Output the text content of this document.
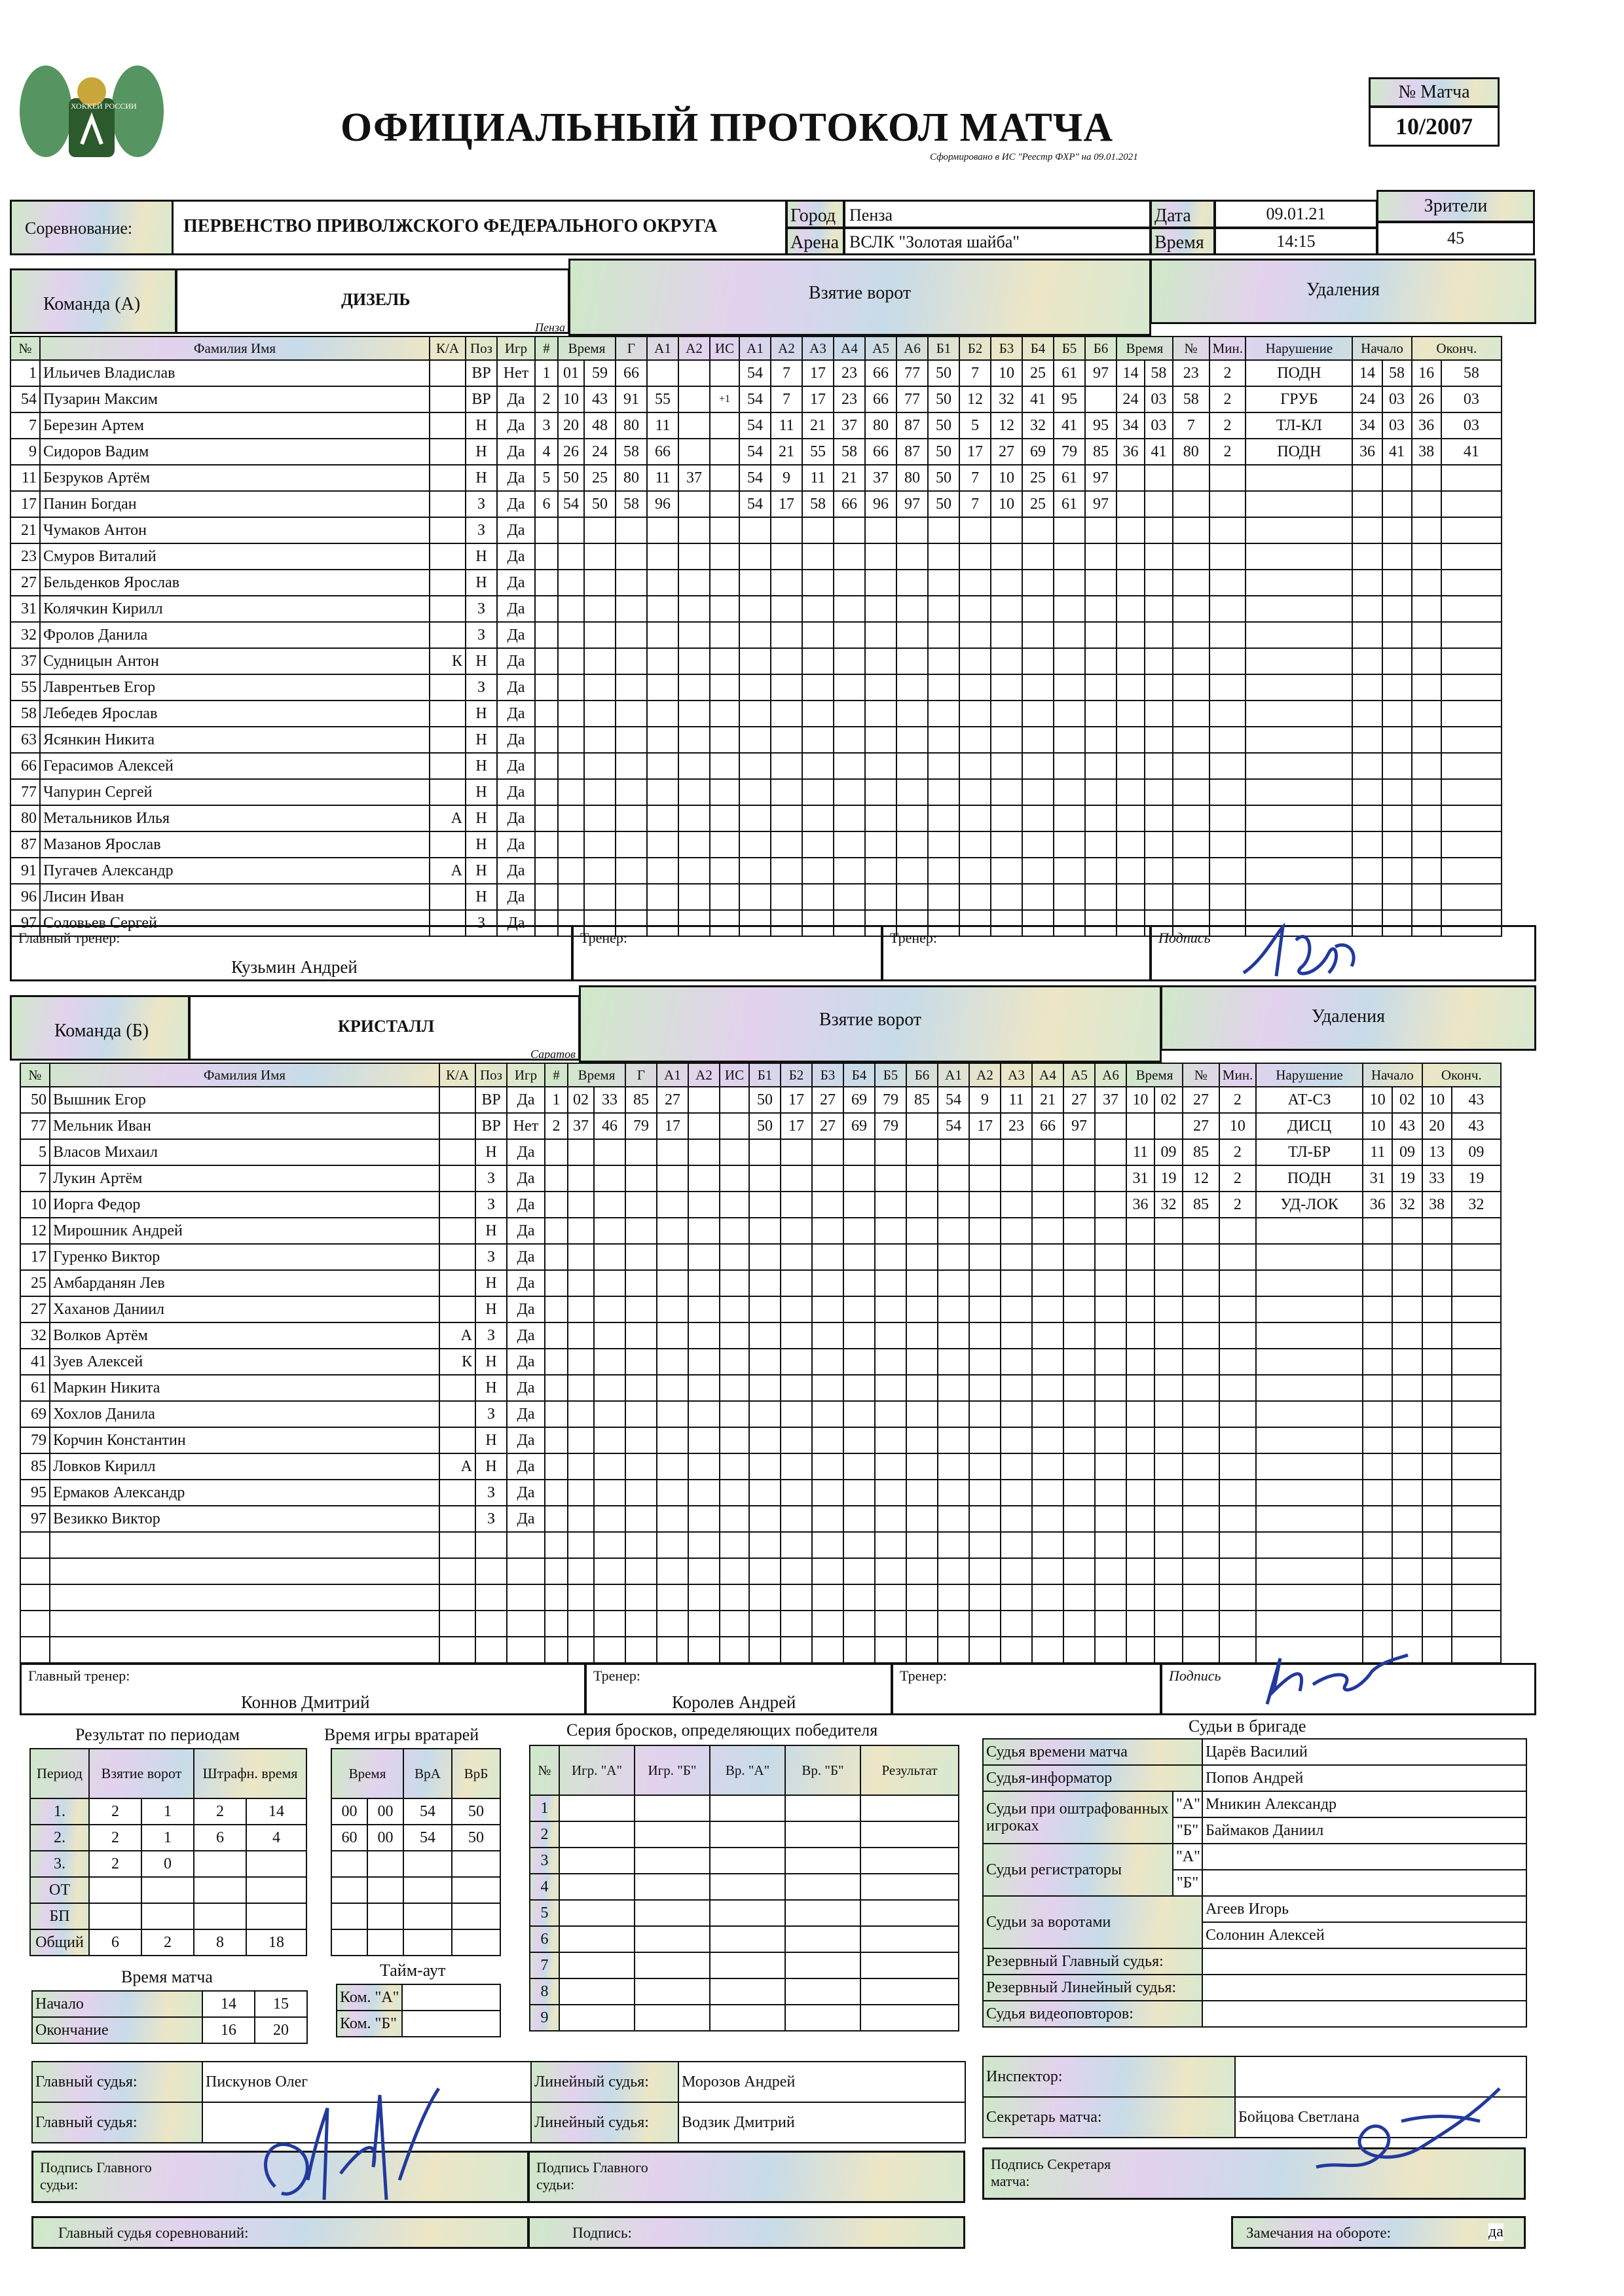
ХОККЕЙ РОССИИ	ОФИЦИАЛЬНЫЙ ПРОТОКОЛ МАТЧА
Сформировано в ИС "Реестр ФХР" на 09.01.2021
№ Матча
10/2007
Соревнование:	ПЕРВЕНСТВО ПРИВОЛЖСКОГО ФЕДЕРАЛЬНОГО ОКРУГА
Город Пенза
Арена ВСЛК "Золотая шайба"
Дата	09.01.21
Время	14:15
Зрители
45
Команда (А)	ДИЗЕЛЬ
Пенза
Взятие ворот	Удаления
№	Фамилия Имя	К/А	Поз	Игр
1	Ильичев Владислав		ВР	Нет
54	Пузарин Максим		ВР	Да
7	Березин Артем		Н	Да
9	Сидоров Вадим		Н	Да
11	Безруков Артём		Н	Да
17	Панин Богдан		З	Да
21	Чумаков Антон		З	Да
23	Смуров Виталий		Н	Да
27	Бельденков Ярослав		Н	Да
31	Колячкин Кирилл		З	Да
32	Фролов Данила		З	Да
37	Судницын Антон	К	Н	Да
55	Лаврентьев Егор		З	Да
58	Лебедев Ярослав		Н	Да
63	Ясянкин Никита		Н	Да
66	Герасимов Алексей		Н	Да
77	Чапурин Сергей		Н	Да
80	Метальников Илья	А	Н	Да
87	Мазанов Ярослав		Н	Да
91	Пугачев Александр	А	Н	Да
96	Лисин Иван		Н	Да
97	Соловьев Сергей		З	Да
#	Время		Г	А1	А2	ИС	А1	А2	А3	А4	А5	А6	Б1	Б2	Б3	Б4	Б5	Б6
1	01	59	66				54	7	17	23	66	77	50	7	10	25	61	97
2	10	43	91	55		+1	54	7	17	23	66	77	50	12	32	41	95	
3	20	48	80	11			54	11	21	37	80	87	50	5	12	32	41	95
4	26	24	58	66			54	21	55	58	66	87	50	17	27	69	79	85
5	50	25	80	11	37		54	9	11	21	37	80	50	7	10	25	61	97
6	54	50	58	96			54	17	58	66	96	97	50	7	10	25	61	97

Время		№	Мин.	Нарушение	Начало		Оконч.	
14	58	23	2	ПОДН	14	58	16	58
24	03	58	2	ГРУБ	24	03	26	03
34	03	7	2	ТЛ-КЛ	34	03	36	03
36	41	80	2	ПОДН	36	41	38	41

Главный тренер:
Кузьмин Андрей
Тренер:	Тренер:	Подпись
Команда (Б)	КРИСТАЛЛ
Саратов
Взятие ворот	Удаления
№	Фамилия Имя	К/А	Поз	Игр
50	Вышник Егор		ВР	Да
77	Мельник Иван		ВР	Нет
5	Власов Михаил		Н	Да
7	Лукин Артём		З	Да
10	Иорга Федор		З	Да
12	Мирошник Андрей		Н	Да
17	Гуренко Виктор		З	Да
25	Амбарданян Лев		Н	Да
27	Хаханов Даниил		Н	Да
32	Волков Артём	А	З	Да
41	Зуев Алексей	К	Н	Да
61	Маркин Никита		Н	Да
69	Хохлов Данила		З	Да
79	Корчин Константин		Н	Да
85	Ловков Кирилл	А	Н	Да
95	Ермаков Александр		З	Да
97	Везикко Виктор		З	Да

#	Время		Г	А1	А2	ИС	Б1	Б2	Б3	Б4	Б5	Б6	А1	А2	А3	А4	А5	А6
1	02	33	85	27			50	17	27	69	79	85	54	9	11	21	27	37
2	37	46	79	17			50	17	27	69	79		54	17	23	66	97	

Время		№	Мин.	Нарушение	Начало		Оконч.	
10	02	27	2	АТ-СЗ	10	02	10	43
		27	10	ДИСЦ	10	43	20	43
11	09	85	2	ТЛ-БР	11	09	13	09
31	19	12	2	ПОДН	31	19	33	19
36	32	85	2	УД-ЛОК	36	32	38	32

Главный тренер:
Коннов Дмитрий
Тренер:
Королев Андрей
Тренер:	Подпись
Результат по периодам
Период	Взятие ворот		Штрафн. время	
1.	2	1	2	14
2.	2	1	6	4
3.	2	0		
ОТ				
БП				
Общий	6	2	8	18
Время игры вратарей
Время		ВрА	ВрБ
00	00	54	50
60	00	54	50

Серия бросков, определяющих победителя
№	Игр. "А"	Игр. "Б"	Вр. "А"	Вр. "Б"	Результат
1					
2					
3					
4					
5					
6					
7					
8					
9					
Время матча
Начало	14	15
Окончание	16	20
Тайм-аут
Ком. "А"	
Ком. "Б"	
Судьи в бригаде
Судья времени матча		Царёв Василий
Судья-информатор		Попов Андрей
Судьи при оштрафованных игроках	"А"	Мникин Александр
	"Б"	Баймаков Даниил
Судьи регистраторы	"А"	
	"Б"	
Судьи за воротами		Агеев Игорь
		Солонин Алексей
Резервный Главный судья:		
Резервный Линейный судья:		
Судья видеоповторов:		
Главный судья:	Пискунов Олег	Линейный судья:	Морозов Андрей
Главный судья:		Линейный судья:	Водзик Дмитрий
Инспектор:	
Секретарь матча:	Бойцова Светлана
Подпись Главного судьи:
Подпись Главного судьи:
Подпись Секретаря матча:
Главный судья соревнований:	Подпись:	Замечания на обороте:	да
